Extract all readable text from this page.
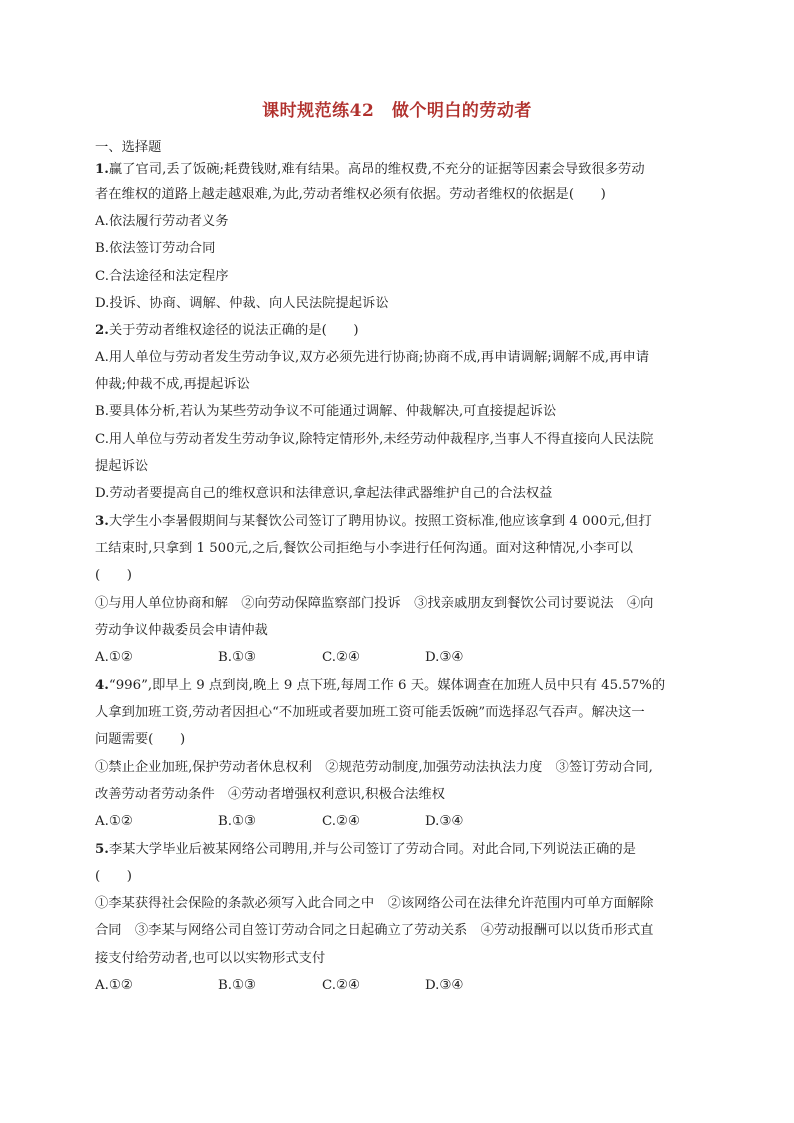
课时规范练42　做个明白的劳动者
一、选择题
1.赢了官司,丢了饭碗;耗费钱财,难有结果。高昂的维权费,不充分的证据等因素会导致很多劳动
者在维权的道路上越走越艰难,为此,劳动者维权必须有依据。劳动者维权的依据是(　　)
A.依法履行劳动者义务
B.依法签订劳动合同
C.合法途径和法定程序
D.投诉、协商、调解、仲裁、向人民法院提起诉讼
2.关于劳动者维权途径的说法正确的是(　　)
A.用人单位与劳动者发生劳动争议,双方必须先进行协商;协商不成,再申请调解;调解不成,再申请
仲裁;仲裁不成,再提起诉讼
B.要具体分析,若认为某些劳动争议不可能通过调解、仲裁解决,可直接提起诉讼
C.用人单位与劳动者发生劳动争议,除特定情形外,未经劳动仲裁程序,当事人不得直接向人民法院
提起诉讼
D.劳动者要提高自己的维权意识和法律意识,拿起法律武器维护自己的合法权益
3.大学生小李暑假期间与某餐饮公司签订了聘用协议。按照工资标准,他应该拿到 4 000元,但打
工结束时,只拿到 1 500元,之后,餐饮公司拒绝与小李进行任何沟通。面对这种情况,小李可以
(　　)
①与用人单位协商和解　②向劳动保障监察部门投诉　③找亲戚朋友到餐饮公司讨要说法　④向
劳动争议仲裁委员会申请仲裁
A.①②	B.①③	C.②④	D.③④
4.“996”,即早上 9 点到岗,晚上 9 点下班,每周工作 6 天。媒体调查在加班人员中只有 45.57%的
人拿到加班工资,劳动者因担心“不加班或者要加班工资可能丢饭碗”而选择忍气吞声。解决这一
问题需要(　　)
①禁止企业加班,保护劳动者休息权利　②规范劳动制度,加强劳动法执法力度　③签订劳动合同,
改善劳动者劳动条件　④劳动者增强权利意识,积极合法维权
A.①②	B.①③	C.②④	D.③④
5.李某大学毕业后被某网络公司聘用,并与公司签订了劳动合同。对此合同,下列说法正确的是
(　　)
①李某获得社会保险的条款必须写入此合同之中　②该网络公司在法律允许范围内可单方面解除
合同　③李某与网络公司自签订劳动合同之日起确立了劳动关系　④劳动报酬可以以货币形式直
接支付给劳动者,也可以以实物形式支付
A.①②	B.①③	C.②④	D.③④
